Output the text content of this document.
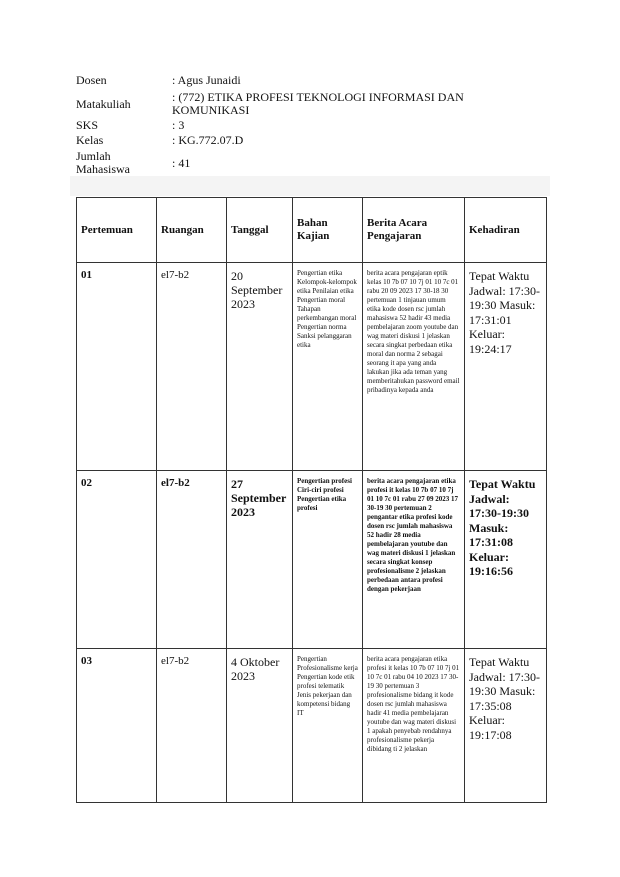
Dosen	: Agus Junaidi
Matakuliah	: (772) ETIKA PROFESI TEKNOLOGI INFORMASI DAN KOMUNIKASI
SKS	: 3
Kelas	: KG.772.07.D
Jumlah Mahasiswa	: 41
Pertemuan	Ruangan	Tanggal	Bahan Kajian	Berita Acara Pengajaran	Kehadiran
01	el7-b2	20 September 2023	Pengertian etika Kelompok-kelompok etika Penilaian etika Pengertian moral Tahapan perkembangan moral Pengertian norma Sanksi pelanggaran etika	berita acara pengajaran eptik kelas 10 7b 07 10 7j 01 10 7c 01 rabu 20 09 2023 17 30-18 30 pertemuan 1 tinjauan umum etika kode dosen rsc jumlah mahasiswa 52 hadir 43 media pembelajaran zoom youtube dan wag materi diskusi 1 jelaskan secara singkat perbedaan etika moral dan norma 2 sebagai seorang it apa yang anda lakukan jika ada teman yang memberitahukan password email pribadinya kepada anda	Tepat Waktu Jadwal: 17:30-19:30 Masuk: 17:31:01 Keluar: 19:24:17
02	el7-b2	27 September 2023	Pengertian profesi Ciri-ciri profesi Pengertian etika profesi	berita acara pengajaran etika profesi it kelas 10 7b 07 10 7j 01 10 7c 01 rabu 27 09 2023 17 30-19 30 pertemuan 2 pengantar etika profesi kode dosen rsc jumlah mahasiswa 52 hadir 28 media pembelajaran youtube dan wag materi diskusi 1 jelaskan secara singkat konsep profesionalisme 2 jelaskan perbedaan antara profesi dengan pekerjaan	Tepat Waktu Jadwal: 17:30-19:30 Masuk: 17:31:08 Keluar: 19:16:56
03	el7-b2	4 Oktober 2023	Pengertian Profesionalisme kerja Pengertian kode etik profesi telematik Jenis pekerjaan dan kompetensi bidang IT	berita acara pengajaran etika profesi it kelas 10 7b 07 10 7j 01 10 7c 01 rabu 04 10 2023 17 30-19 30 pertemuan 3 profesionalisme bidang it kode dosen rsc jumlah mahasiswa hadir 41 media pembelajaran youtube dan wag materi diskusi 1 apakah penyebab rendahnya profesionalisme pekerja dibidang ti 2 jelaskan	Tepat Waktu Jadwal: 17:30-19:30 Masuk: 17:35:08 Keluar: 19:17:08
